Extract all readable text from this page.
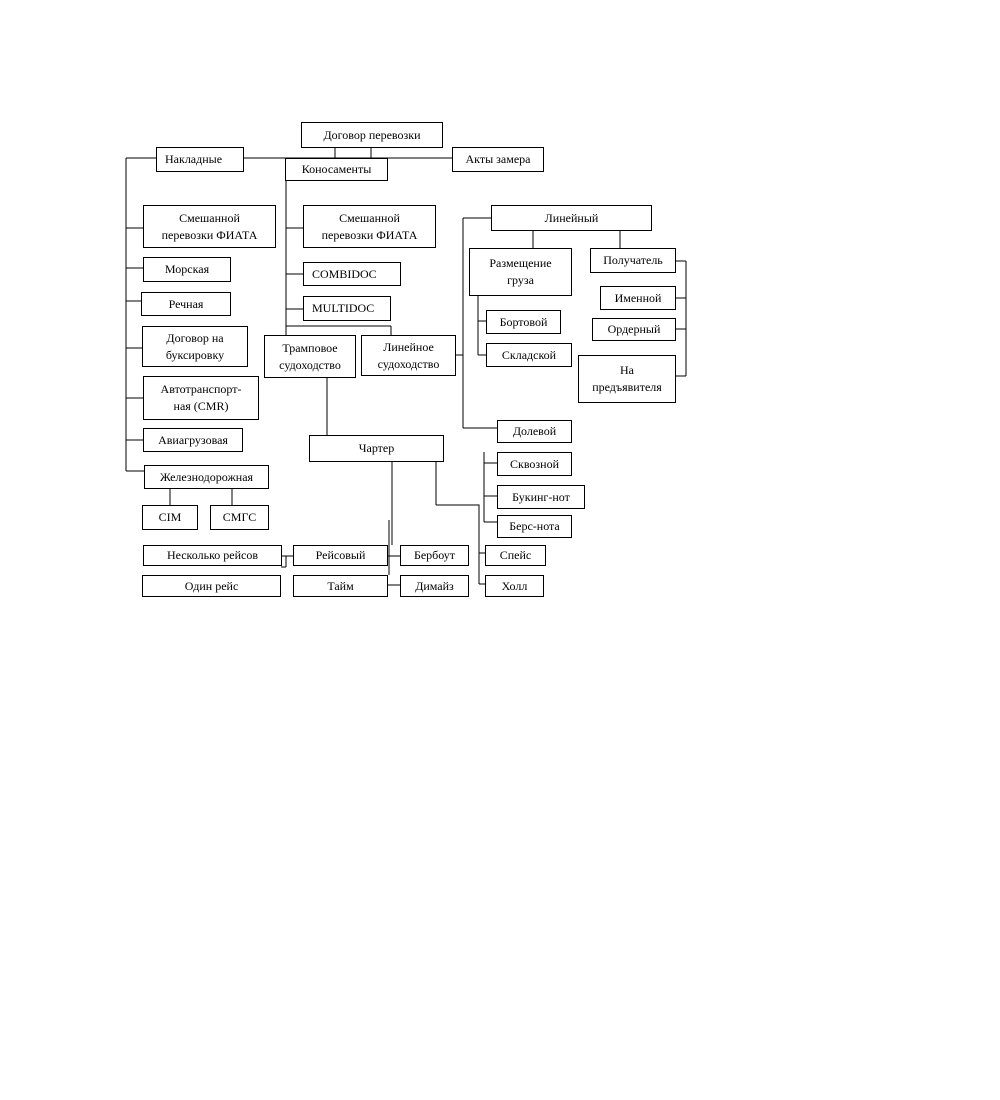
Договор перевозки
Накладные
Смешанной
перевозки ФИАТА
Морская
Речная
Договор на
буксировку
Автотранспорт-
ная (CMR)
Авиагрузовая
Железнодорожная
CIM	СМГС
Коносаменты
Смешанной
перевозки ФИАТА
COMBIDOC
MULTIDOC
Трамповое
судоходство
Линейное
судоходство
Акты замера
Чартер
Несколько рейсов
Один рейс
Рейсовый
Тайм
Бербоут
Димайз
Спейс
Холл
Линейный
Размещение
груза
Бортовой
Складской
Получатель
Именной
Ордерный
На
предъявителя
Долевой
Сквозной
Букинг-нот
Берс-нота
